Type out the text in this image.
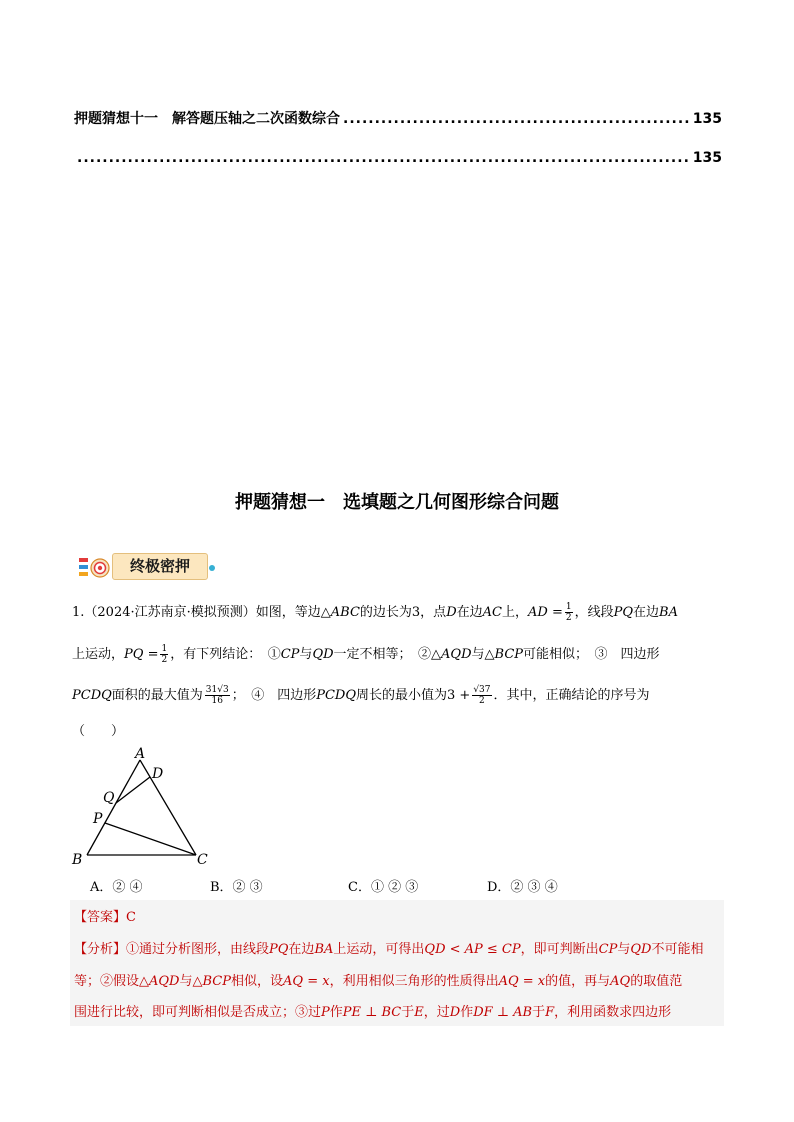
押题猜想十一　解答题压轴之二次函数综合
.....	135
.....
135
押题猜想一　选填题之几何图形综合问题
终极密押
1.（2024·江苏南京·模拟预测）如图，等边△ABC的边长为3，点D在边AC上，AD = $\frac{1}{2}$ ，线段PQ在边BA
上运动，PQ = $\frac{1}{2}$ ，有下列结论：　①CP与QD一定不相等；　②△AQD与△BCP可能相似；　③　四边形
PCDQ面积的最大值为 $\frac{31√3}{16}$ ；　④　四边形PCDQ周长的最小值为$3 + \frac{√37}{2}$ ．其中，正确结论的序号为
（　　）
A
D
Q
P
B	C
A．② ④	B．② ③	C．① ② ③	D．② ③ ④
【答案】C
【分析】①通过分析图形，由线段PQ在边BA上运动，可得出QD < AP ≤ CP，即可判断出CP与QD不可能相
等；②假设△AQD与△BCP相似，设AQ = x，利用相似三角形的性质得出AQ = x的值，再与AQ的取值范
围进行比较，即可判断相似是否成立；③过P作PE ⊥ BC于E，过D作DF ⊥ AB于F，利用函数求四边形
